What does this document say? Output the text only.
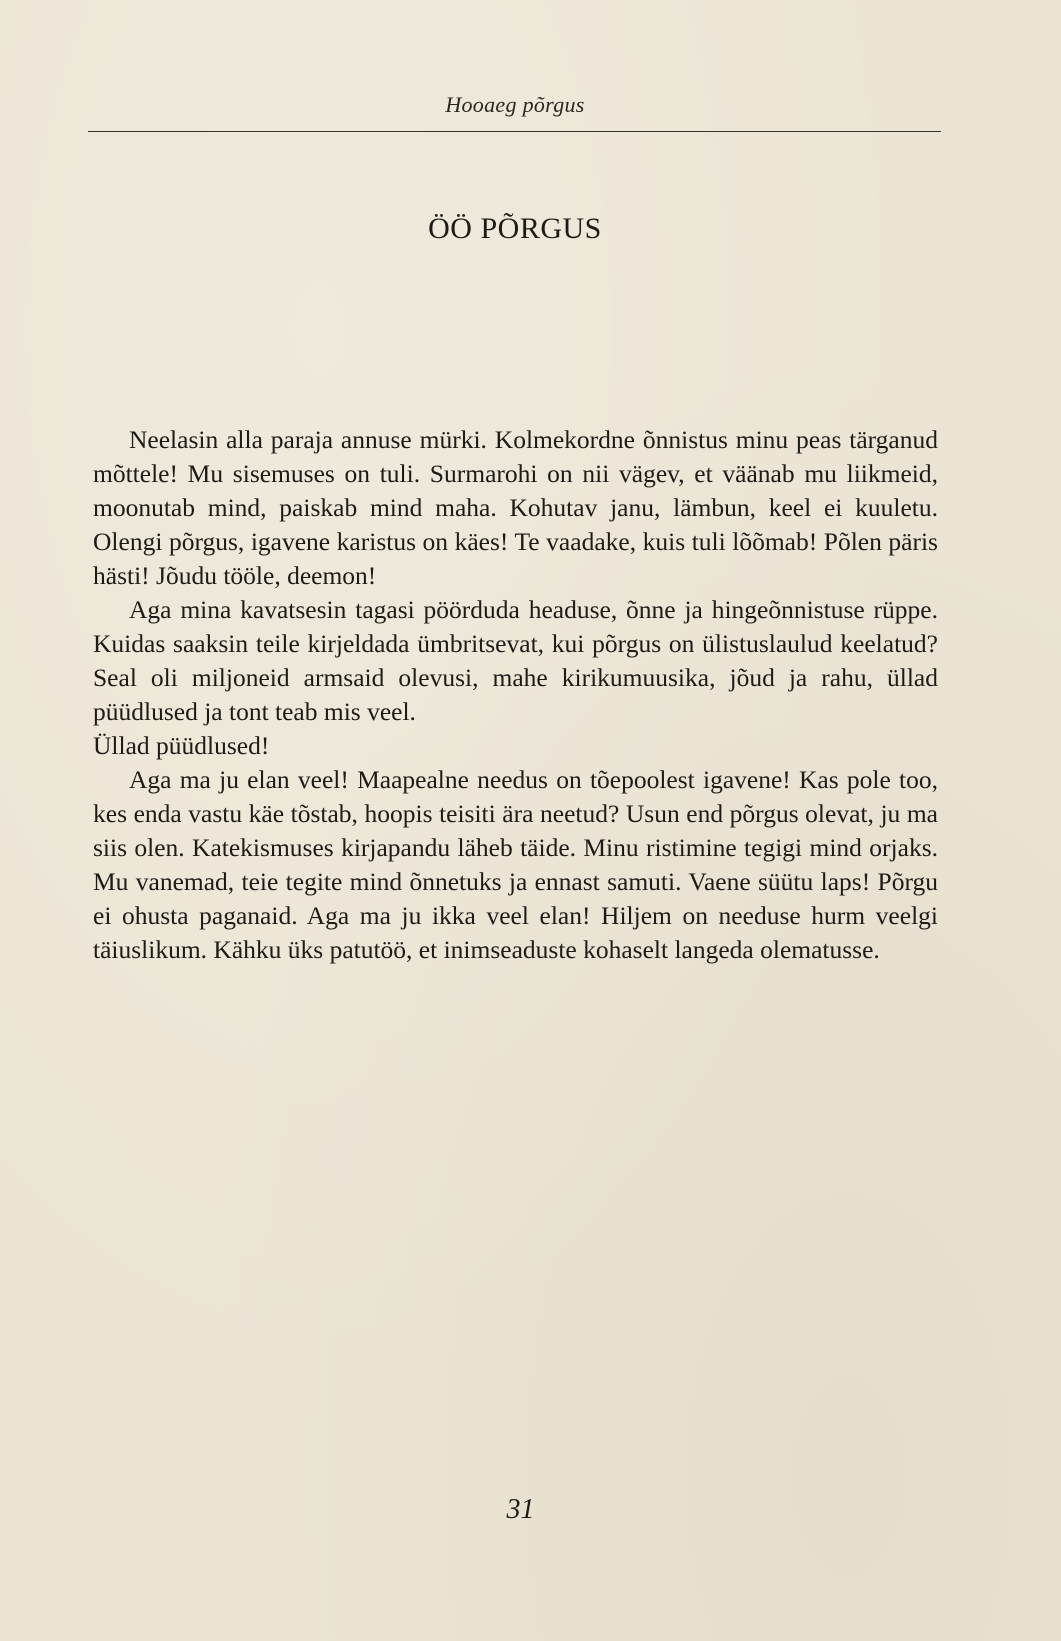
Hooaeg põrgus
ÖÖ PÕRGUS

Neelasin alla paraja annuse mürki. Kolmekordne õnnistus minu peas tärganud mõttele! Mu sisemuses on tuli. Surmarohi on nii vägev, et väänab mu liikmeid, moonutab mind, paiskab mind maha. Kohutav janu, lämbun, keel ei kuuletu. Olengi põrgus, igavene karistus on käes! Te vaadake, kuis tuli lõõmab! Põlen päris hästi! Jõudu tööle, deemon!

Aga mina kavatsesin tagasi pöörduda headuse, õnne ja hingeõnnistuse rüppe. Kuidas saaksin teile kirjeldada ümbritsevat, kui põrgus on ülistuslaulud keelatud? Seal oli miljoneid armsaid olevusi, mahe kirikumuusika, jõud ja rahu, üllad püüdlused ja tont teab mis veel.

Üllad püüdlused!

Aga ma ju elan veel! Maapealne needus on tõepoolest igavene! Kas pole too, kes enda vastu käe tõstab, hoopis teisiti ära neetud? Usun end põrgus olevat, ju ma siis olen. Katekismuses kirjapandu läheb täide. Minu ristimine tegigi mind orjaks. Mu vanemad, teie tegite mind õnnetuks ja ennast samuti. Vaene süütu laps! Põrgu ei ohusta paganaid. Aga ma ju ikka veel elan! Hiljem on needuse hurm veelgi täiuslikum. Kähku üks patutöö, et inimseaduste kohaselt langeda olematusse.

31
